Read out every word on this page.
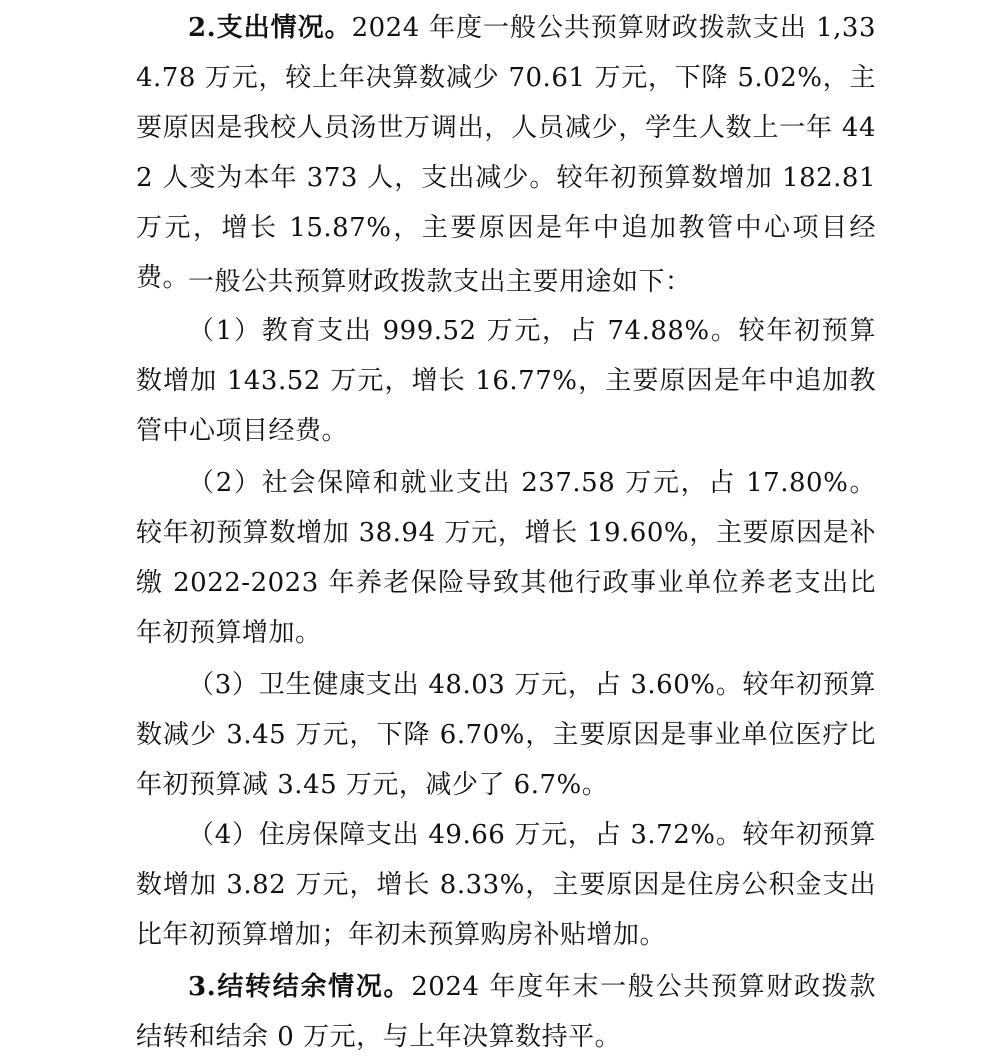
2.支出情况。2024 年度一般公共预算财政拨款支出 1,334.78 万元，较上年决算数减少 70.61 万元，下降 5.02%，主要原因是我校人员汤世万调出，人员减少，学生人数上一年 442 人变为本年 373 人，支出减少。较年初预算数增加 182.81 万元，增长 15.87%，主要原因是年中追加教管中心项目经费。

一般公共预算财政拨款支出主要用途如下：

（1）教育支出 999.52 万元，占 74.88%。较年初预算数增加 143.52 万元，增长 16.77%，主要原因是年中追加教管中心项目经费。

（2）社会保障和就业支出 237.58 万元，占 17.80%。较年初预算数增加 38.94 万元，增长 19.60%，主要原因是补缴 2022-2023 年养老保险导致其他行政事业单位养老支出比年初预算增加。

（3）卫生健康支出 48.03 万元，占 3.60%。较年初预算数减少 3.45 万元，下降 6.70%，主要原因是事业单位医疗比年初预算减 3.45 万元，减少了 6.7%。

（4）住房保障支出 49.66 万元，占 3.72%。较年初预算数增加 3.82 万元，增长 8.33%，主要原因是住房公积金支出比年初预算增加；年初未预算购房补贴增加。

3.结转结余情况。2024 年度年末一般公共预算财政拨款结转和结余 0 万元，与上年决算数持平。
